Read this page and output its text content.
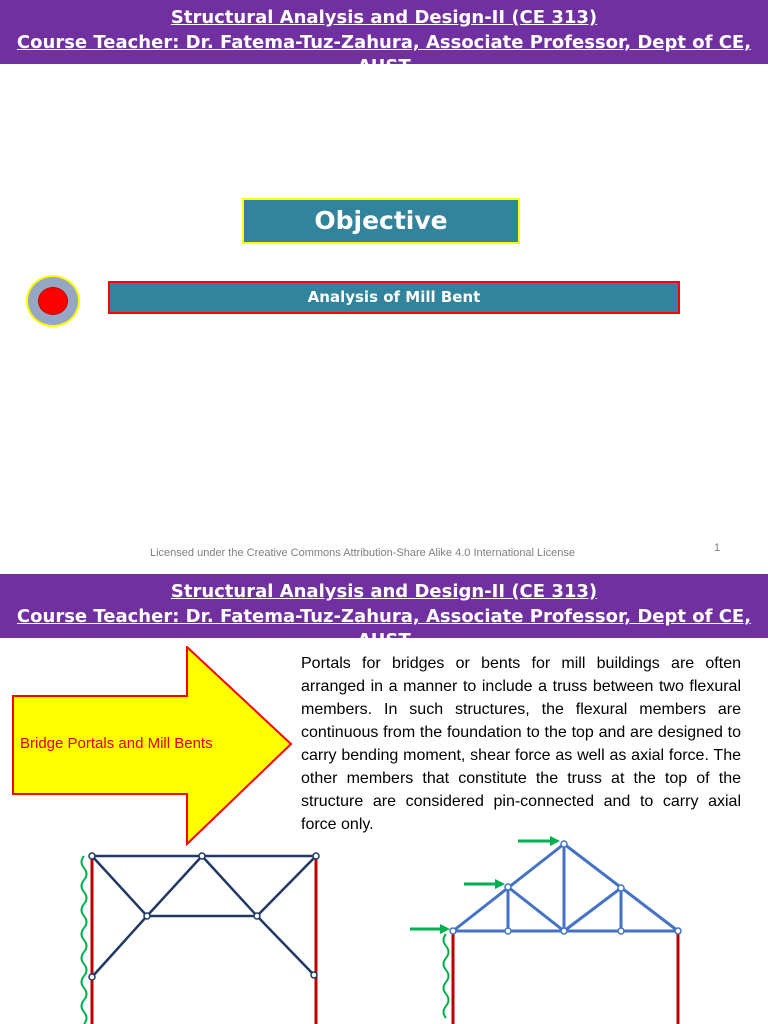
Structural Analysis and Design-II (CE 313)
Course Teacher: Dr. Fatema-Tuz-Zahura, Associate Professor, Dept of CE, AUST
Objective
Analysis of Mill Bent
Licensed under the Creative Commons Attribution-Share Alike 4.0 International License	1
Structural Analysis and Design-II (CE 313)
Course Teacher: Dr. Fatema-Tuz-Zahura, Associate Professor, Dept of CE, AUST
Bridge Portals and Mill Bents
Portals for bridges or bents for mill buildings are often arranged in a manner to include a truss between two flexural members. In such structures, the flexural members are continuous from the foundation to the top and are designed to carry bending moment, shear force as well as axial force. The other members that constitute the truss at the top of the structure are considered pin-connected and to carry axial force only.
